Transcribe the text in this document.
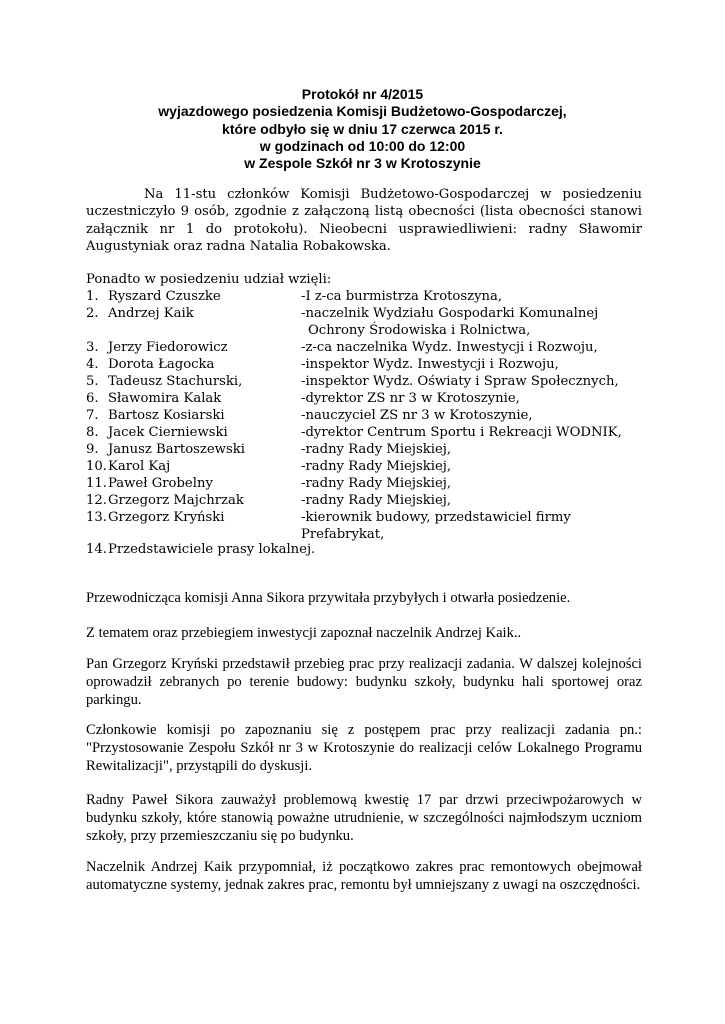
Protokół nr 4/2015
wyjazdowego posiedzenia Komisji Budżetowo-Gospodarczej,
które odbyło się w dniu 17 czerwca 2015 r.
w godzinach od 10:00 do 12:00
w Zespole Szkół nr 3 w Krotoszynie

Na 11-stu członków Komisji Budżetowo-Gospodarczej w posiedzeniu uczestniczyło 9 osób, zgodnie z załączoną listą obecności (lista obecności stanowi załącznik nr 1 do protokołu). Nieobecni usprawiedliwieni: radny Sławomir Augustyniak oraz radna Natalia Robakowska.

Ponadto w posiedzeniu udział wzięli:
1. Ryszard Czuszke	-I z-ca burmistrza Krotoszyna,
2. Andrzej Kaik	-naczelnik Wydziału Gospodarki Komunalnej
Ochrony Środowiska i Rolnictwa,
3. Jerzy Fiedorowicz	-z-ca naczelnika Wydz. Inwestycji i Rozwoju,
4. Dorota Łagocka	-inspektor Wydz. Inwestycji i Rozwoju,
5. Tadeusz Stachurski,	-inspektor Wydz. Oświaty i Spraw Społecznych,
6. Sławomira Kalak	-dyrektor ZS nr 3 w Krotoszynie,
7. Bartosz Kosiarski	-nauczyciel ZS nr 3 w Krotoszynie,
8. Jacek Cierniewski	-dyrektor Centrum Sportu i Rekreacji WODNIK,
9. Janusz Bartoszewski	-radny Rady Miejskiej,
10.Karol Kaj	-radny Rady Miejskiej,
11.Paweł Grobelny	-radny Rady Miejskiej,
12.Grzegorz Majchrzak	-radny Rady Miejskiej,
13.Grzegorz Kryński	-kierownik budowy, przedstawiciel firmy
Prefabrykat,
14.Przedstawiciele prasy lokalnej.

Przewodnicząca komisji Anna Sikora przywitała przybyłych i otwarła posiedzenie.

Z tematem oraz przebiegiem inwestycji zapoznał naczelnik Andrzej Kaik..

Pan Grzegorz Kryński przedstawił przebieg prac przy realizacji zadania. W dalszej kolejności oprowadził zebranych po terenie budowy: budynku szkoły, budynku hali sportowej oraz parkingu.

Członkowie komisji po zapoznaniu się z postępem prac przy realizacji zadania pn.: "Przystosowanie Zespołu Szkół nr 3 w Krotoszynie do realizacji celów Lokalnego Programu Rewitalizacji", przystąpili do dyskusji.

Radny Paweł Sikora zauważył problemową kwestię 17 par drzwi przeciwpożarowych w budynku szkoły, które stanowią poważne utrudnienie, w szczególności najmłodszym uczniom szkoły, przy przemieszczaniu się po budynku.

Naczelnik Andrzej Kaik przypomniał, iż początkowo zakres prac remontowych obejmował automatyczne systemy, jednak zakres prac, remontu był umniejszany z uwagi na oszczędności.
